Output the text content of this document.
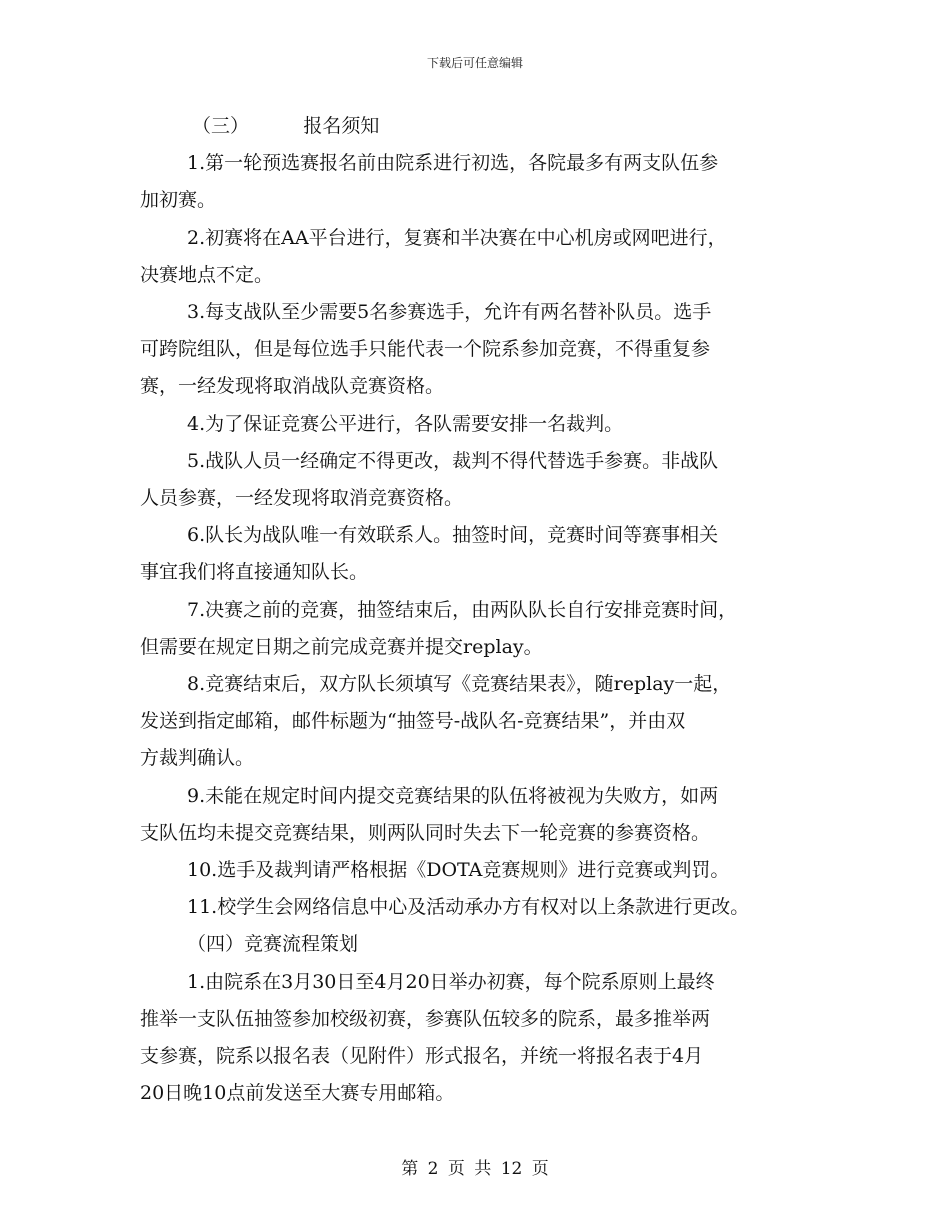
下载后可任意编辑
（三）         报名须知
1.第一轮预选赛报名前由院系进行初选，各院最多有两支队伍参
加初赛。
2.初赛将在AA平台进行，复赛和半决赛在中心机房或网吧进行，
决赛地点不定。
3.每支战队至少需要5名参赛选手，允许有两名替补队员。选手
可跨院组队，但是每位选手只能代表一个院系参加竞赛，不得重复参
赛，一经发现将取消战队竞赛资格。
4.为了保证竞赛公平进行，各队需要安排一名裁判。
5.战队人员一经确定不得更改，裁判不得代替选手参赛。非战队
人员参赛，一经发现将取消竞赛资格。
6.队长为战队唯一有效联系人。抽签时间，竞赛时间等赛事相关
事宜我们将直接通知队长。
7.决赛之前的竞赛，抽签结束后，由两队队长自行安排竞赛时间，
但需要在规定日期之前完成竞赛并提交replay。
8.竞赛结束后，双方队长须填写《竞赛结果表》，随replay一起，
发送到指定邮箱，邮件标题为“抽签号-战队名-竞赛结果”，并由双
方裁判确认。
9.未能在规定时间内提交竞赛结果的队伍将被视为失败方，如两
支队伍均未提交竞赛结果，则两队同时失去下一轮竞赛的参赛资格。
10.选手及裁判请严格根据《DOTA竞赛规则》进行竞赛或判罚。
11.校学生会网络信息中心及活动承办方有权对以上条款进行更改。
（四）竞赛流程策划
1.由院系在3月30日至4月20日举办初赛，每个院系原则上最终
推举一支队伍抽签参加校级初赛，参赛队伍较多的院系，最多推举两
支参赛，院系以报名表（见附件）形式报名，并统一将报名表于4月
20日晚10点前发送至大赛专用邮箱。
第 2 页 共 12 页
